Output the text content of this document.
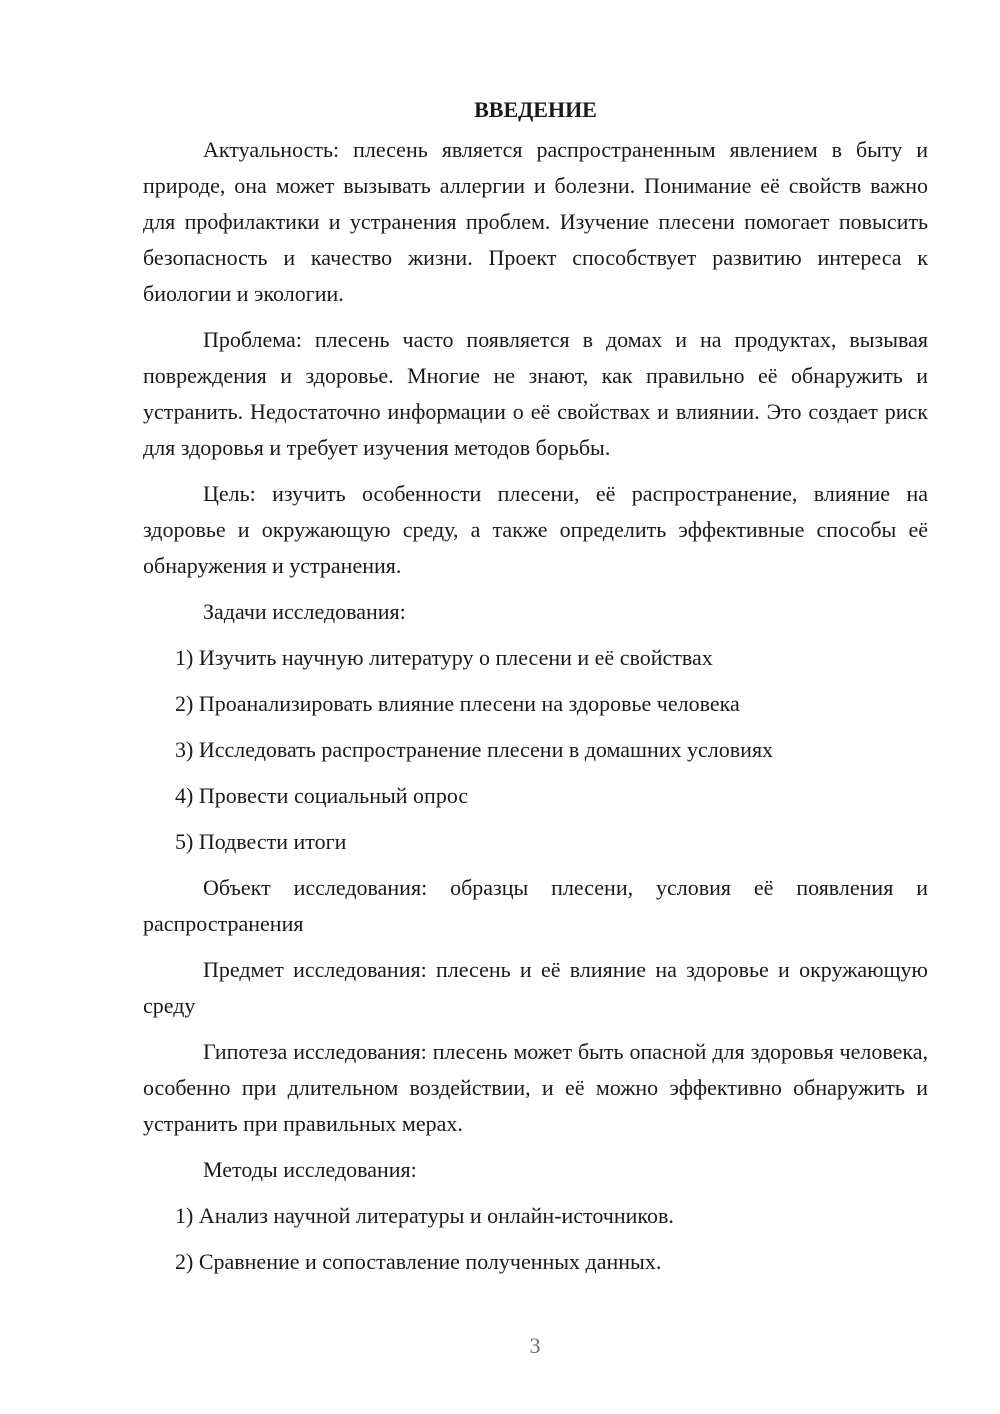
ВВЕДЕНИЕ

Актуальность: плесень является распространенным явлением в быту и природе, она может вызывать аллергии и болезни. Понимание её свойств важно для профилактики и устранения проблем. Изучение плесени помогает повысить безопасность и качество жизни. Проект способствует развитию интереса к биологии и экологии.

Проблема: плесень часто появляется в домах и на продуктах, вызывая повреждения и здоровье. Многие не знают, как правильно её обнаружить и устранить. Недостаточно информации о её свойствах и влиянии. Это создает риск для здоровья и требует изучения методов борьбы.

Цель: изучить особенности плесени, её распространение, влияние на здоровье и окружающую среду, а также определить эффективные способы её обнаружения и устранения.

Задачи исследования:

1) Изучить научную литературу о плесени и её свойствах

2) Проанализировать влияние плесени на здоровье человека

3) Исследовать распространение плесени в домашних условиях

4) Провести социальный опрос

5) Подвести итоги

Объект исследования: образцы плесени, условия её появления и распространения

Предмет исследования: плесень и её влияние на здоровье и окружающую среду

Гипотеза исследования: плесень может быть опасной для здоровья человека, особенно при длительном воздействии, и её можно эффективно обнаружить и устранить при правильных мерах.

Методы исследования:

1) Анализ научной литературы и онлайн-источников.

2) Сравнение и сопоставление полученных данных.

3
